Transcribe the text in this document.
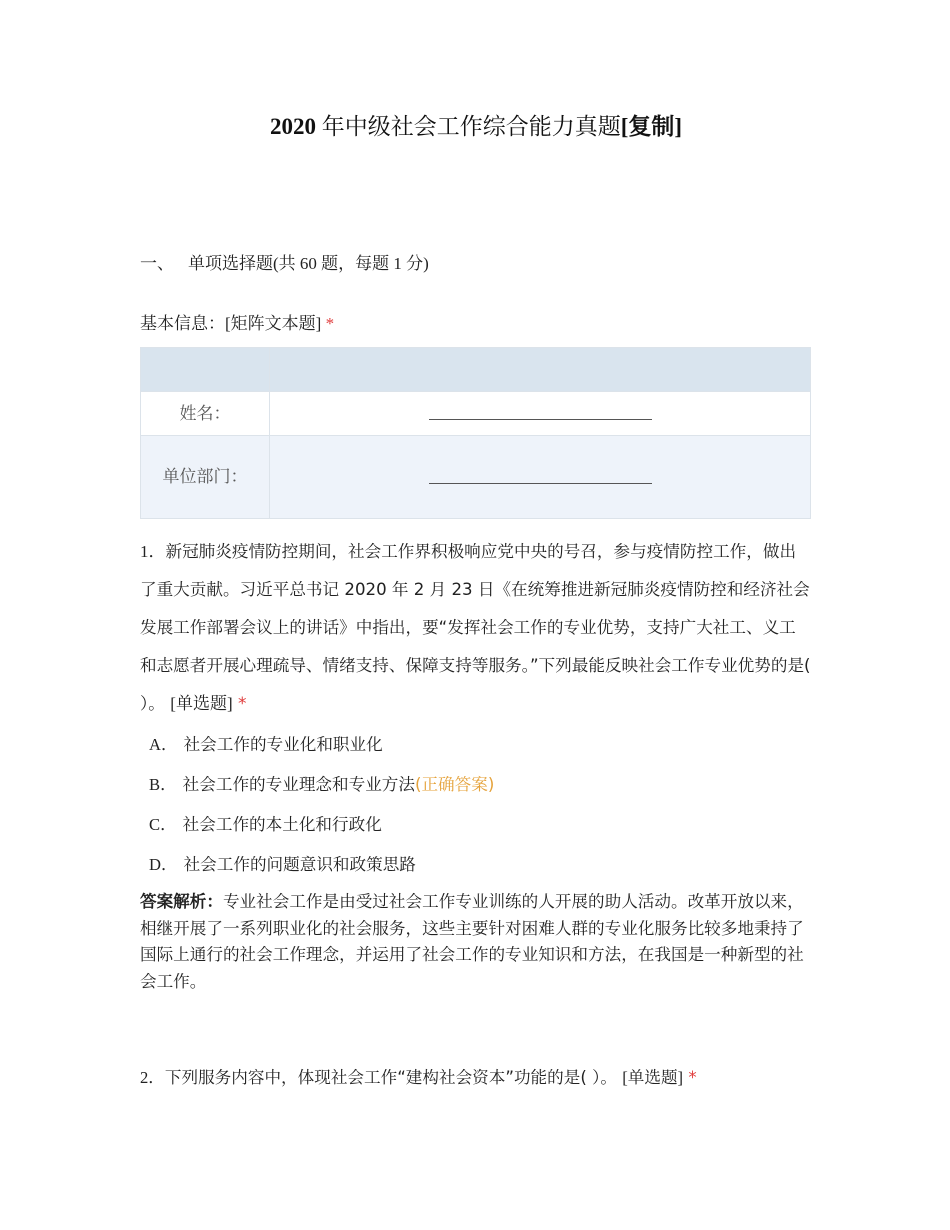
2020 年中级社会工作综合能力真题[复制]
一、 单项选择题(共 60 题，每题 1 分)
基本信息：[矩阵文本题] *

姓名：	
单位部门：	
1．新冠肺炎疫情防控期间，社会工作界积极响应党中央的号召，参与疫情防控工作，做出了重大贡献。习近平总书记 2020 年 2 月 23 日《在统筹推进新冠肺炎疫情防控和经济社会发展工作部署会议上的讲话》中指出，要“发挥社会工作的专业优势，支持广大社工、义工和志愿者开展心理疏导、情绪支持、保障支持等服务。”下列最能反映社会工作专业优势的是( ）。 [单选题] *
A． 社会工作的专业化和职业化
B． 社会工作的专业理念和专业方法(正确答案)
C． 社会工作的本土化和行政化
D． 社会工作的问题意识和政策思路
答案解析：专业社会工作是由受过社会工作专业训练的人开展的助人活动。改革开放以来，相继开展了一系列职业化的社会服务，这些主要针对困难人群的专业化服务比较多地秉持了国际上通行的社会工作理念，并运用了社会工作的专业知识和方法，在我国是一种新型的社会工作。
2．下列服务内容中，体现社会工作“建构社会资本”功能的是( ）。 [单选题] *
